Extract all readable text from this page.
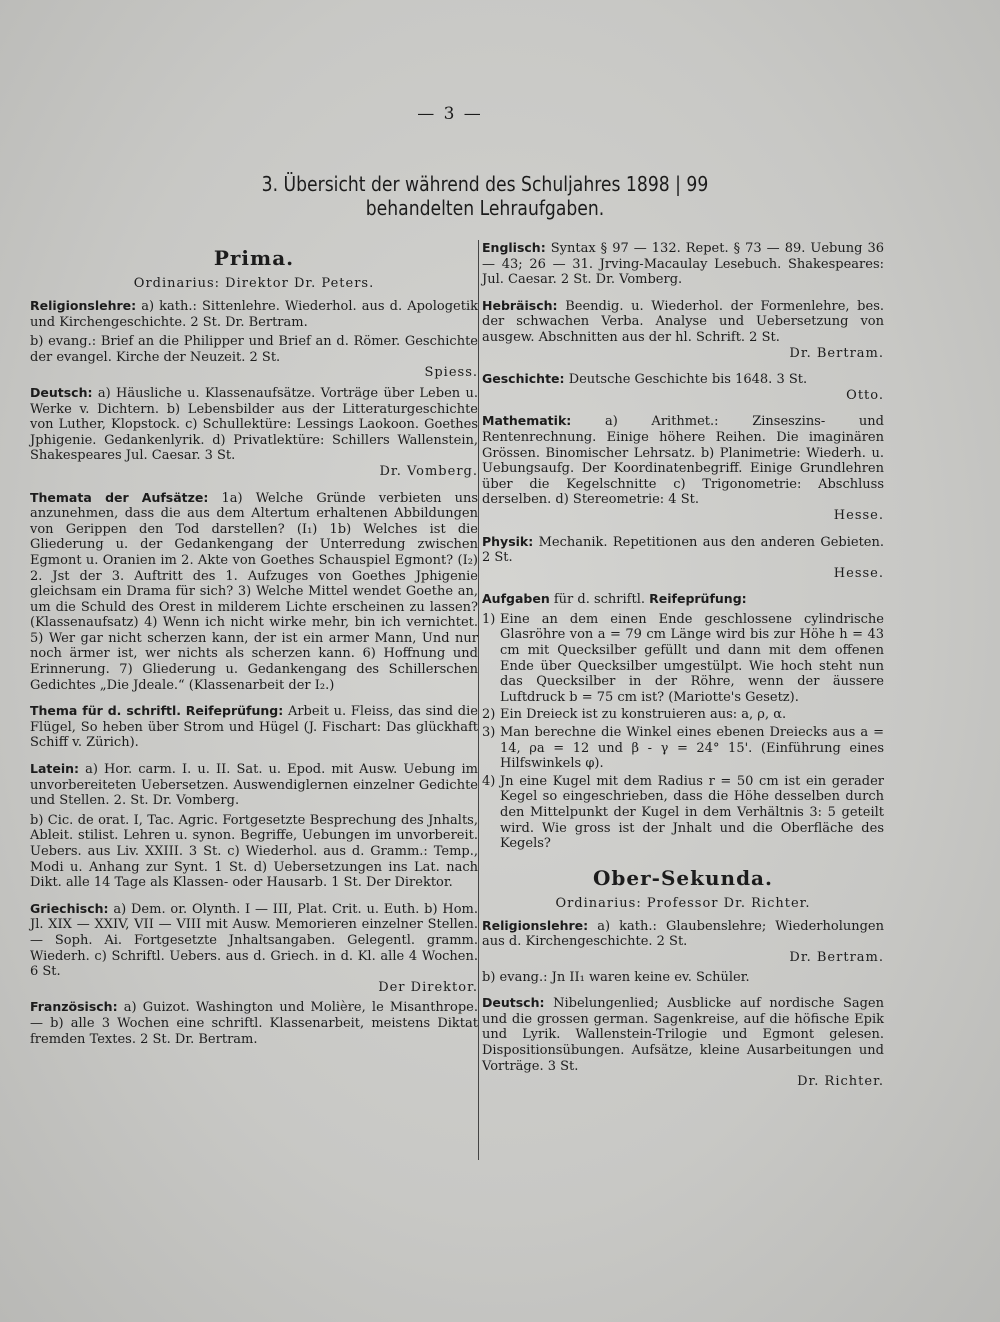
— 3 —
3. Übersicht der während des Schuljahres 1898 | 99
behandelten Lehraufgaben.
Prima.
Ordinarius: Direktor Dr. Peters.

Religionslehre: a) kath.: Sittenlehre. Wiederhol. aus d. Apologetik und Kirchengeschichte. 2 St. Dr. Bertram.

b) evang.: Brief an die Philipper und Brief an d. Römer. Geschichte der evangel. Kirche der Neuzeit. 2 St.
Spiess.

Deutsch: a) Häusliche u. Klassenaufsätze. Vorträge über Leben u. Werke v. Dichtern. b) Lebensbilder aus der Litteraturgeschichte von Luther, Klopstock. c) Schullektüre: Lessings Laokoon. Goethes Jphigenie. Gedankenlyrik. d) Privatlektüre: Schillers Wallenstein, Shakespeares Jul. Caesar. 3 St.
Dr. Vomberg.

Themata der Aufsätze: 1a) Welche Gründe verbieten uns anzunehmen, dass die aus dem Altertum erhaltenen Abbildungen von Gerippen den Tod darstellen? (I₁) 1b) Welches ist die Gliederung u. der Gedankengang der Unterredung zwischen Egmont u. Oranien im 2. Akte von Goethes Schauspiel Egmont? (I₂) 2. Jst der 3. Auftritt des 1. Aufzuges von Goethes Jphigenie gleichsam ein Drama für sich? 3) Welche Mittel wendet Goethe an, um die Schuld des Orest in milderem Lichte erscheinen zu lassen? (Klassenaufsatz) 4) Wenn ich nicht wirke mehr, bin ich vernichtet. 5) Wer gar nicht scherzen kann, der ist ein armer Mann, Und nur noch ärmer ist, wer nichts als scherzen kann. 6) Hoffnung und Erinnerung. 7) Gliederung u. Gedankengang des Schillerschen Gedichtes „Die Jdeale.“ (Klassenarbeit der I₂.)

Thema für d. schriftl. Reifeprüfung: Arbeit u. Fleiss, das sind die Flügel, So heben über Strom und Hügel (J. Fischart: Das glückhaft Schiff v. Zürich).

Latein: a) Hor. carm. I. u. II. Sat. u. Epod. mit Ausw. Uebung im unvorbereiteten Uebersetzen. Auswendiglernen einzelner Gedichte und Stellen. 2. St. Dr. Vomberg.

b) Cic. de orat. I, Tac. Agric. Fortgesetzte Besprechung des Jnhalts, Ableit. stilist. Lehren u. synon. Begriffe, Uebungen im unvorbereit. Uebers. aus Liv. XXIII. 3 St. c) Wiederhol. aus d. Gramm.: Temp., Modi u. Anhang zur Synt. 1 St. d) Uebersetzungen ins Lat. nach Dikt. alle 14 Tage als Klassen- oder Hausarb. 1 St. Der Direktor.

Griechisch: a) Dem. or. Olynth. I — III, Plat. Crit. u. Euth. b) Hom. Jl. XIX — XXIV, VII — VIII mit Ausw. Memorieren einzelner Stellen. — Soph. Ai. Fortgesetzte Jnhaltsangaben. Gelegentl. gramm. Wiederh. c) Schriftl. Uebers. aus d. Griech. in d. Kl. alle 4 Wochen. 6 St.
Der Direktor.

Französisch: a) Guizot. Washington und Molière, le Misanthrope. — b) alle 3 Wochen eine schriftl. Klassenarbeit, meistens Diktat fremden Textes. 2 St. Dr. Bertram.

Englisch: Syntax § 97 — 132. Repet. § 73 — 89. Uebung 36 — 43; 26 — 31. Jrving-Macaulay Lesebuch. Shakespeares: Jul. Caesar. 2 St. Dr. Vomberg.

Hebräisch: Beendig. u. Wiederhol. der Formenlehre, bes. der schwachen Verba. Analyse und Uebersetzung von ausgew. Abschnitten aus der hl. Schrift. 2 St.
Dr. Bertram.

Geschichte: Deutsche Geschichte bis 1648. 3 St.
Otto.

Mathematik:	a) Arithmet.: Zinseszins- und Rentenrechnung. Einige höhere Reihen. Die imaginären Grössen. Binomischer Lehrsatz. b) Planimetrie: Wiederh. u. Uebungsaufg. Der Koordinatenbegriff. Einige Grundlehren über die Kegelschnitte c) Trigonometrie: Abschluss derselben. d) Stereometrie: 4 St.
Hesse.

Physik: Mechanik. Repetitionen aus den anderen Gebieten. 2 St.
Hesse.

Aufgaben für d. schriftl. Reifeprüfung:

1) Eine an dem einen Ende geschlossene cylindrische Glasröhre von a = 79 cm Länge wird bis zur Höhe h = 43 cm mit Quecksilber gefüllt und dann mit dem offenen Ende über Quecksilber umgestülpt. Wie hoch steht nun das Quecksilber in der Röhre, wenn der äussere Luftdruck b = 75 cm ist? (Mariotte's Gesetz).
2) Ein Dreieck ist zu konstruieren aus: a, ρ, α.
3) Man berechne die Winkel eines ebenen Dreiecks aus a = 14, ρa = 12 und β - γ = 24° 15'. (Einführung eines Hilfswinkels φ).
4) Jn eine Kugel mit dem Radius r = 50 cm ist ein gerader Kegel so eingeschrieben, dass die Höhe desselben durch den Mittelpunkt der Kugel in dem Verhältnis 3: 5 geteilt wird. Wie gross ist der Jnhalt und die Oberfläche des Kegels?
Ober-Sekunda.
Ordinarius: Professor Dr. Richter.

Religionslehre: a) kath.: Glaubenslehre; Wiederholungen aus d. Kirchengeschichte. 2 St.
Dr. Bertram.

b) evang.: Jn II₁ waren keine ev. Schüler.

Deutsch: Nibelungenlied; Ausblicke auf nordische Sagen und die grossen german. Sagenkreise, auf die höfische Epik und Lyrik. Wallenstein-Trilogie und Egmont gelesen. Dispositionsübungen. Aufsätze, kleine Ausarbeitungen und Vorträge. 3 St.
Dr. Richter.
